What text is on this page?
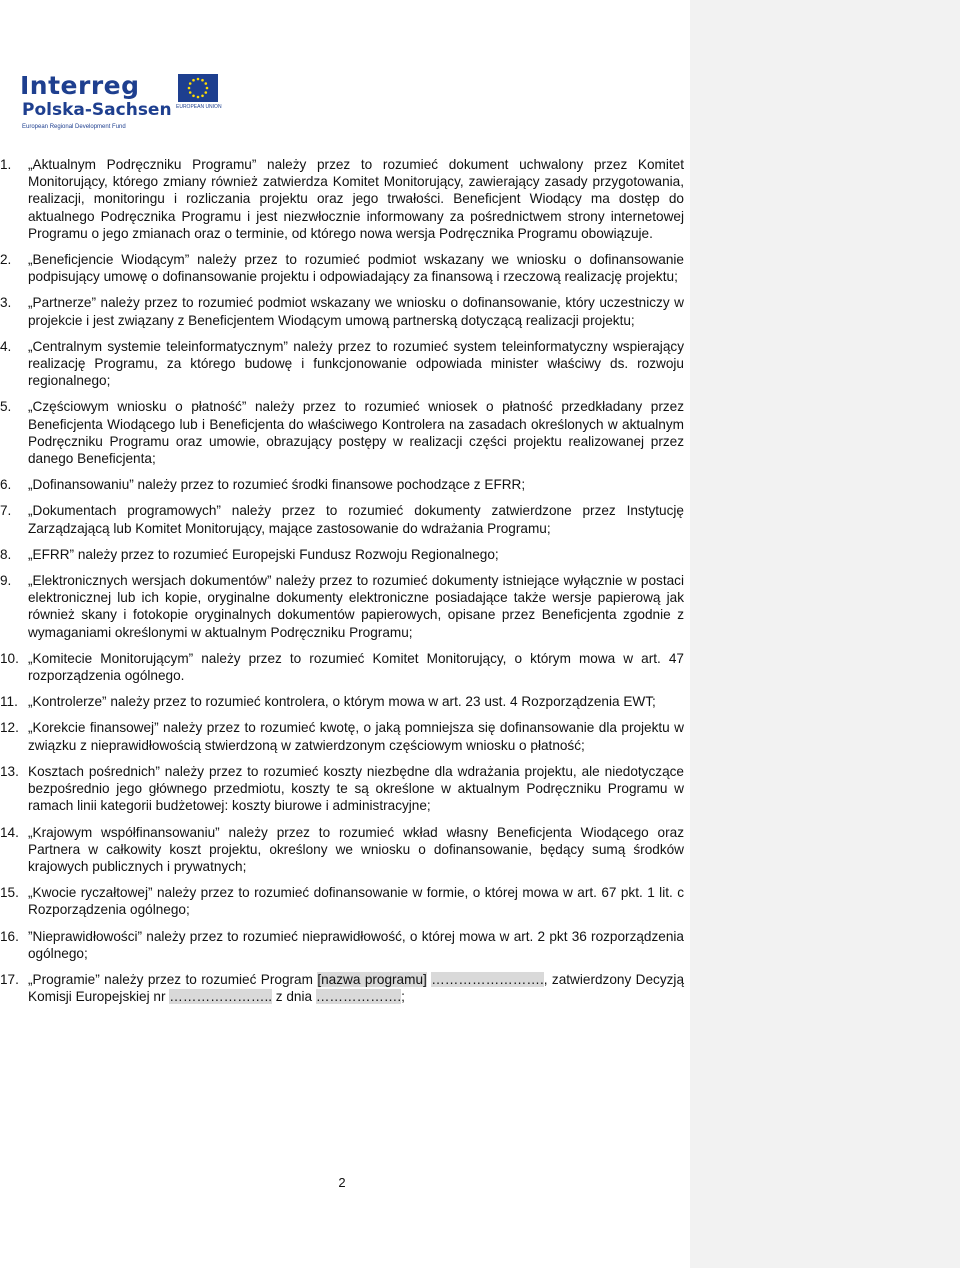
Interreg
Polska-Sachsen
European Regional Development Fund
EUROPEAN UNION
1. „Aktualnym Podręczniku Programu” należy przez to rozumieć dokument uchwalony przez Komitet Monitorujący, którego zmiany również zatwierdza Komitet Monitorujący, zawierający zasady przygotowania, realizacji, monitoringu i rozliczania projektu oraz jego trwałości. Beneficjent Wiodący ma dostęp do aktualnego Podręcznika Programu i jest niezwłocznie informowany za pośrednictwem strony internetowej Programu o jego zmianach oraz o terminie, od którego nowa wersja Podręcznika Programu obowiązuje.
2. „Beneficjencie Wiodącym” należy przez to rozumieć podmiot wskazany we wniosku o dofinansowanie podpisujący umowę o dofinansowanie projektu i odpowiadający za finansową i rzeczową realizację projektu;
3. „Partnerze” należy przez to rozumieć podmiot wskazany we wniosku o dofinansowanie, który uczestniczy w projekcie i jest związany z Beneficjentem Wiodącym umową partnerską dotyczącą realizacji projektu;
4. „Centralnym systemie teleinformatycznym” należy przez to rozumieć system teleinformatyczny wspierający realizację Programu, za którego budowę i funkcjonowanie odpowiada minister właściwy ds. rozwoju regionalnego;
5. „Częściowym wniosku o płatność” należy przez to rozumieć wniosek o płatność przedkładany przez Beneficjenta Wiodącego lub i Beneficjenta do właściwego Kontrolera na zasadach określonych w aktualnym Podręczniku Programu oraz umowie, obrazujący postępy w realizacji części projektu realizowanej przez danego Beneficjenta;
6. „Dofinansowaniu” należy przez to rozumieć środki finansowe pochodzące z EFRR;
7. „Dokumentach programowych” należy przez to rozumieć dokumenty zatwierdzone przez Instytucję Zarządzającą lub Komitet Monitorujący, mające zastosowanie do wdrażania Programu;
8. „EFRR” należy przez to rozumieć Europejski Fundusz Rozwoju Regionalnego;
9. „Elektronicznych wersjach dokumentów” należy przez to rozumieć dokumenty istniejące wyłącznie w postaci elektronicznej lub ich kopie, oryginalne dokumenty elektroniczne posiadające także wersje papierową jak również skany i fotokopie oryginalnych dokumentów papierowych, opisane przez Beneficjenta zgodnie z wymaganiami określonymi w aktualnym Podręczniku Programu;
10. „Komitecie Monitorującym” należy przez to rozumieć Komitet Monitorujący, o którym mowa w art. 47 rozporządzenia ogólnego.
11. „Kontrolerze” należy przez to rozumieć kontrolera, o którym mowa w art. 23 ust. 4 Rozporządzenia EWT;
12. „Korekcie finansowej” należy przez to rozumieć kwotę, o jaką pomniejsza się dofinansowanie dla projektu w związku z nieprawidłowością stwierdzoną w zatwierdzonym częściowym wniosku o płatność;
13. Kosztach pośrednich” należy przez to rozumieć koszty niezbędne dla wdrażania projektu, ale niedotyczące bezpośrednio jego głównego przedmiotu, koszty te są określone w aktualnym Podręczniku Programu w ramach linii kategorii budżetowej: koszty biurowe i administracyjne;
14. „Krajowym współfinansowaniu” należy przez to rozumieć wkład własny Beneficjenta Wiodącego oraz Partnera w całkowity koszt projektu, określony we wniosku o dofinansowanie, będący sumą środków krajowych publicznych i prywatnych;
15. „Kwocie ryczałtowej” należy przez to rozumieć dofinansowanie w formie, o której mowa w art. 67 pkt. 1 lit. c Rozporządzenia ogólnego;
16. ”Nieprawidłowości” należy przez to rozumieć nieprawidłowość, o której mowa w art. 2 pkt 36 rozporządzenia ogólnego;
17. „Programie” należy przez to rozumieć Program [nazwa programu] ……………………., zatwierdzony Decyzją Komisji Europejskiej nr ………………….. z dnia ……………….;
2
